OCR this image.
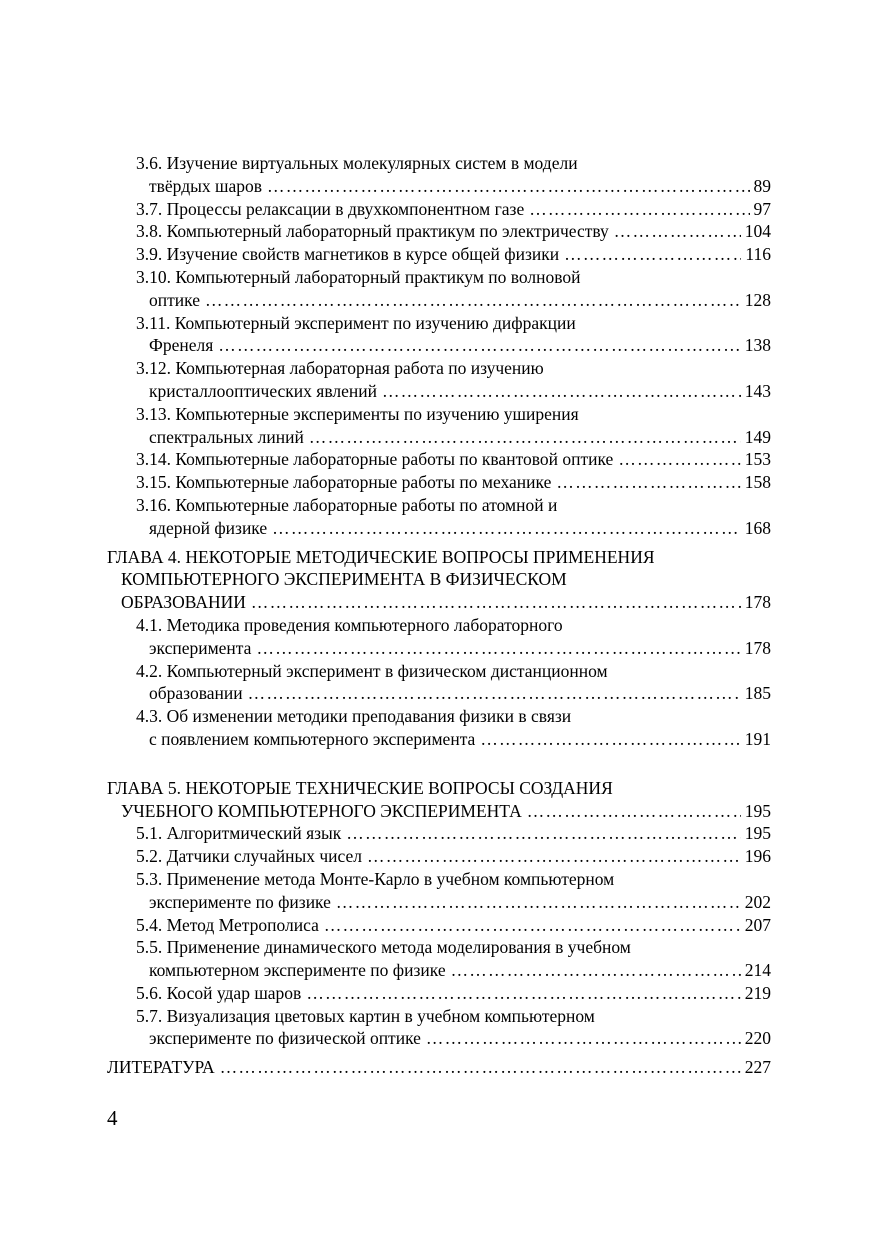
3.6. Изучение виртуальных молекулярных систем в модели
твёрдых шаров ……………………………………………………………………………………………………………………………………………………	89
3.7. Процессы релаксации в двухкомпонентном газе ……………………………………………………………………………………………………………………………………………………	97
3.8. Компьютерный лабораторный практикум по электричеству ……………………………………………………………………………………………………………………………………………………	104
3.9. Изучение свойств магнетиков в курсе общей физики ……………………………………………………………………………………………………………………………………………………	116
3.10. Компьютерный лабораторный практикум по волновой
оптике ……………………………………………………………………………………………………………………………………………………	128
3.11. Компьютерный эксперимент по изучению дифракции
Френеля ……………………………………………………………………………………………………………………………………………………	138
3.12. Компьютерная лабораторная работа по изучению
кристаллооптических явлений ……………………………………………………………………………………………………………………………………………………	143
3.13. Компьютерные эксперименты по изучению уширения
спектральных линий ……………………………………………………………………………………………………………………………………………………	149
3.14. Компьютерные лабораторные работы по квантовой оптике ……………………………………………………………………………………………………………………………………………………	153
3.15. Компьютерные лабораторные работы по механике ……………………………………………………………………………………………………………………………………………………	158
3.16. Компьютерные лабораторные работы по атомной и
ядерной физике ……………………………………………………………………………………………………………………………………………………	168
ГЛАВА 4. НЕКОТОРЫЕ МЕТОДИЧЕСКИЕ ВОПРОСЫ ПРИМЕНЕНИЯ
КОМПЬЮТЕРНОГО ЭКСПЕРИМЕНТА В ФИЗИЧЕСКОМ
ОБРАЗОВАНИИ ……………………………………………………………………………………………………………………………………………………	178
4.1. Методика проведения компьютерного лабораторного
эксперимента ……………………………………………………………………………………………………………………………………………………	178
4.2. Компьютерный эксперимент в физическом дистанционном
образовании ……………………………………………………………………………………………………………………………………………………	185
4.3. Об изменении методики преподавания физики в связи
с появлением компьютерного эксперимента ……………………………………………………………………………………………………………………………………………………	191
ГЛАВА 5. НЕКОТОРЫЕ ТЕХНИЧЕСКИЕ ВОПРОСЫ СОЗДАНИЯ
УЧЕБНОГО КОМПЬЮТЕРНОГО ЭКСПЕРИМЕНТА ……………………………………………………………………………………………………………………………………………………	195
5.1. Алгоритмический язык ……………………………………………………………………………………………………………………………………………………	195
5.2. Датчики случайных чисел ……………………………………………………………………………………………………………………………………………………	196
5.3. Применение метода Монте-Карло в учебном компьютерном
эксперименте по физике ……………………………………………………………………………………………………………………………………………………	202
5.4. Метод Метрополиса ……………………………………………………………………………………………………………………………………………………	207
5.5. Применение динамического метода моделирования в учебном
компьютерном эксперименте по физике ……………………………………………………………………………………………………………………………………………………	214
5.6. Косой удар шаров ……………………………………………………………………………………………………………………………………………………	219
5.7. Визуализация цветовых картин в учебном компьютерном
эксперименте по физической оптике ……………………………………………………………………………………………………………………………………………………	220
ЛИТЕРАТУРА ……………………………………………………………………………………………………………………………………………………	227
4
